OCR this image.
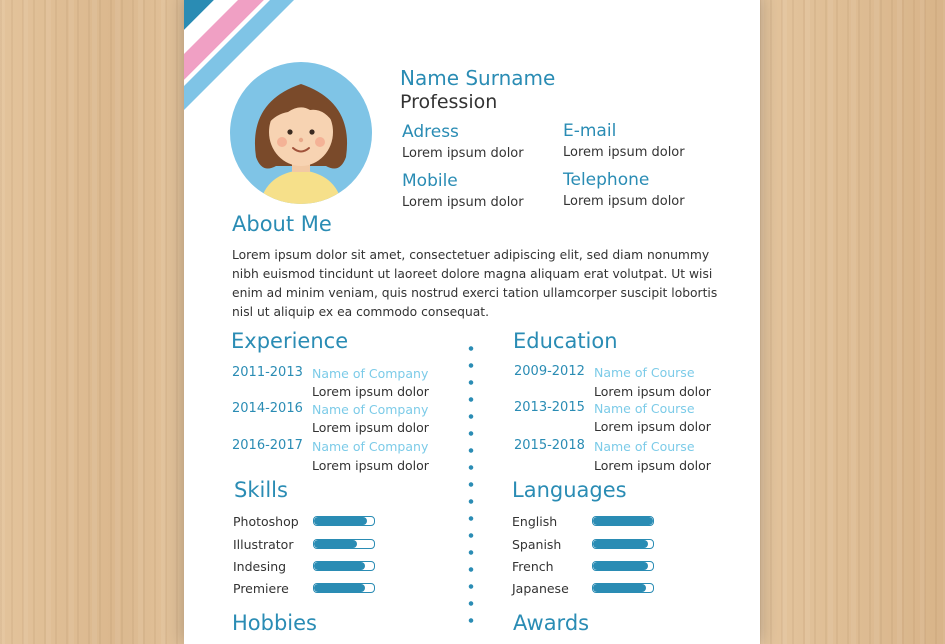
Name Surname
Profession
Adress
Lorem ipsum dolor
E-mail
Lorem ipsum dolor
Mobile
Lorem ipsum dolor
Telephone
Lorem ipsum dolor
About Me
Lorem ipsum dolor sit amet, consectetuer adipiscing elit, sed diam nonummy
nibh euismod tincidunt ut laoreet dolore magna aliquam erat volutpat. Ut wisi
enim ad minim veniam, quis nostrud exerci tation ullamcorper suscipit lobortis
nisl ut aliquip ex ea commodo consequat.
Experience
2011-2013 Name of Company
Lorem ipsum dolor
2014-2016 Name of Company
Lorem ipsum dolor
2016-2017 Name of Company
Lorem ipsum dolor
Education
2009-2012 Name of Course
Lorem ipsum dolor
2013-2015 Name of Course
Lorem ipsum dolor
2015-2018 Name of Course
Lorem ipsum dolor
Skills
Photoshop
Illustrator
Indesing
Premiere
Languages
English
Spanish
French
Japanese
Hobbies	Awards
